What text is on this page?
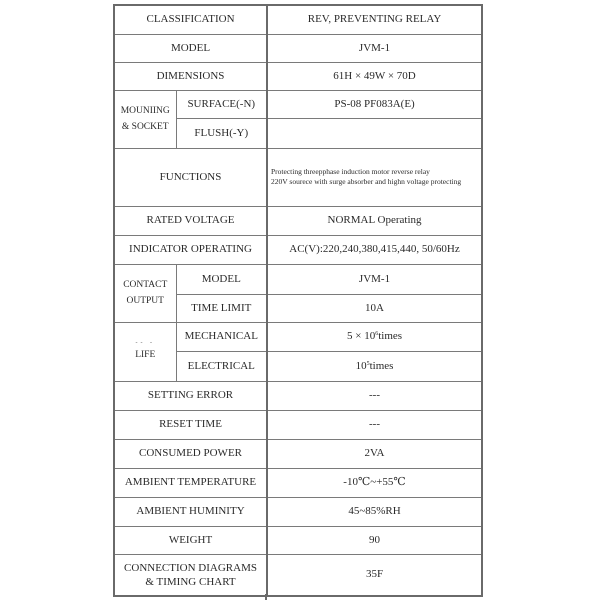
CLASSIFICATION		REV, PREVENTING RELAY
MODEL		JVM-1
DIMENSIONS		61H × 49W × 70D
MOUNIING
& SOCKET	SURFACE(-N)	PS-08 PF083A(E)
	FLUSH(-Y)	
FUNCTIONS		Protecting threepphase induction motor reverse relay
220V sourece with surge absorber and highn voltage protecting
RATED VOLTAGE		NORMAL Operating
INDICATOR OPERATING		AC(V):220,240,380,415,440, 50/60Hz
CONTACT
OUTPUT	MODEL	JVM-1
	TIME LIMIT	10A

-- -
LIFE	MECHANICAL	$5 \times 10^6times$
	ELECTRICAL	$10^5times$
SETTING ERROR		---
RESET TIME		---
CONSUMED POWER		2VA
AMBIENT TEMPERATURE		-10℃~+55℃
AMBIENT HUMINITY		45~85%RH
WEIGHT		90
CONNECTION DIAGRAMS
& TIMING CHART		35F
